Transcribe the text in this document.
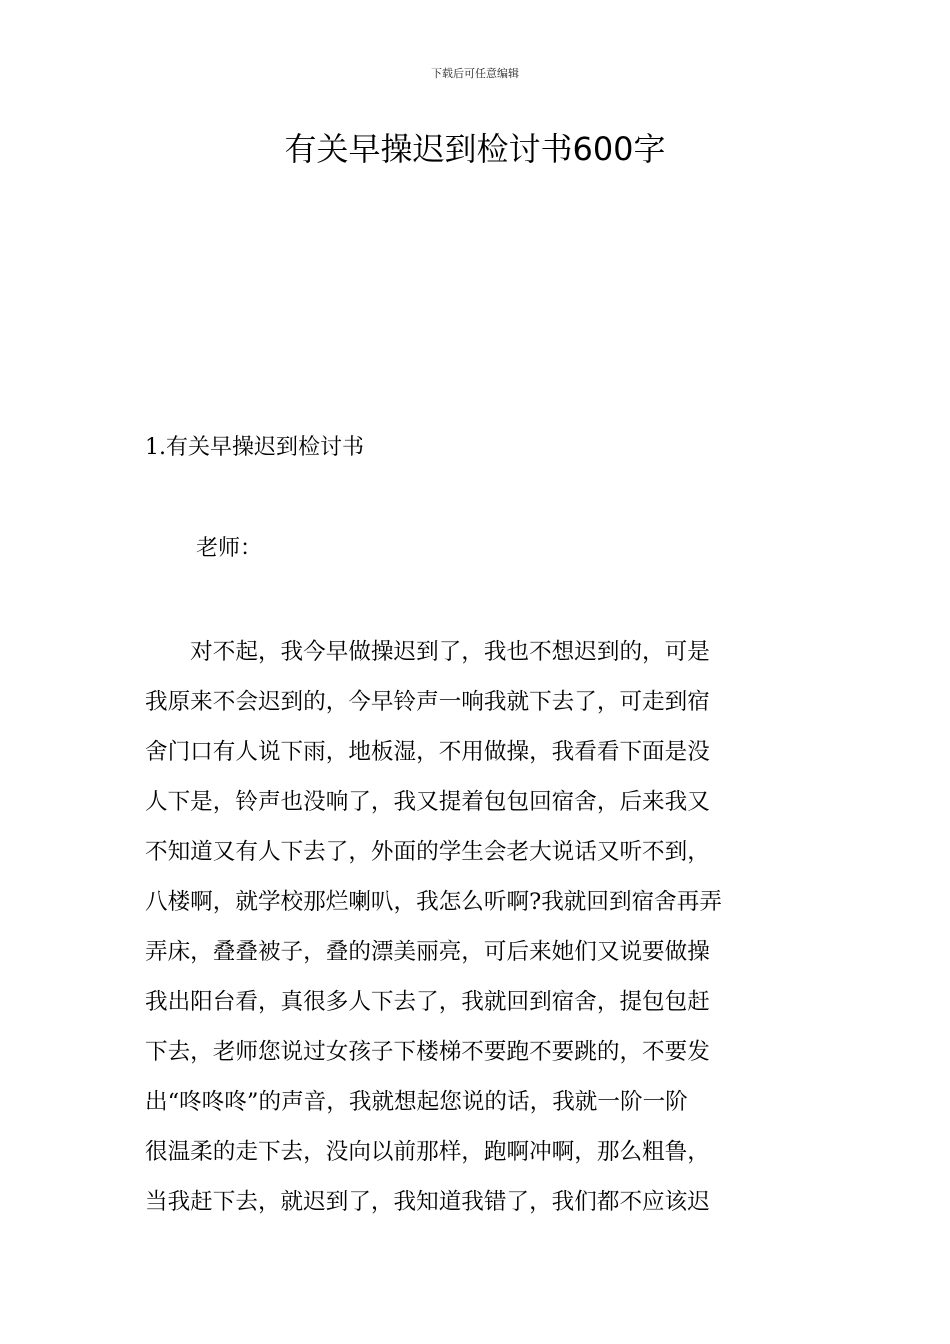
下载后可任意编辑
有关早操迟到检讨书600字
1.有关早操迟到检讨书

老师：

　　对不起，我今早做操迟到了，我也不想迟到的，可是
我原来不会迟到的，今早铃声一响我就下去了，可走到宿
舍门口有人说下雨，地板湿，不用做操，我看看下面是没
人下是，铃声也没响了，我又提着包包回宿舍，后来我又
不知道又有人下去了，外面的学生会老大说话又听不到，
八楼啊，就学校那烂喇叭，我怎么听啊?我就回到宿舍再弄
弄床，叠叠被子，叠的漂美丽亮，可后来她们又说要做操
我出阳台看，真很多人下去了，我就回到宿舍，提包包赶
下去，老师您说过女孩子下楼梯不要跑不要跳的，不要发
出“咚咚咚”的声音，我就想起您说的话，我就一阶一阶
很温柔的走下去，没向以前那样，跑啊冲啊，那么粗鲁，
当我赶下去，就迟到了，我知道我错了，我们都不应该迟
